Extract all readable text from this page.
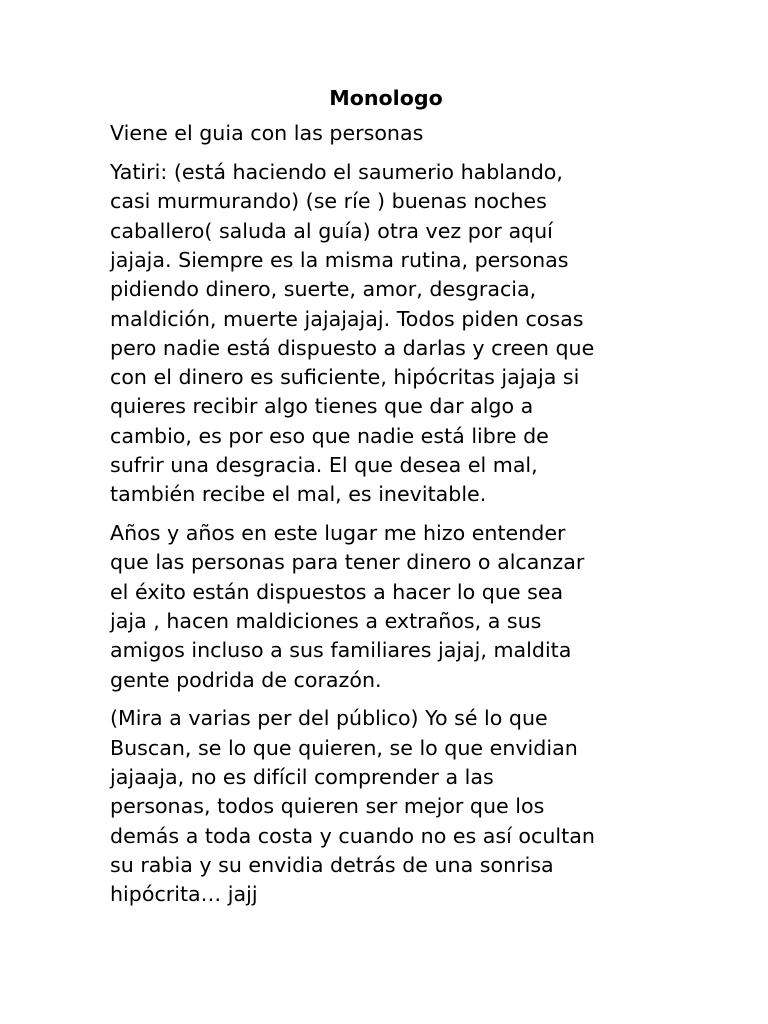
Monologo

Viene el guia con las personas

Yatiri: (está haciendo el saumerio hablando,
casi murmurando) (se ríe ) buenas noches
caballero( saluda al guía) otra vez por aquí
jajaja. Siempre es la misma rutina, personas
pidiendo dinero, suerte, amor, desgracia,
maldición, muerte jajajajaj. Todos piden cosas
pero nadie está dispuesto a darlas y creen que
con el dinero es suficiente, hipócritas jajaja si
quieres recibir algo tienes que dar algo a
cambio, es por eso que nadie está libre de
sufrir una desgracia. El que desea el mal,
también recibe el mal, es inevitable.

Años y años en este lugar me hizo entender
que las personas para tener dinero o alcanzar
el éxito están dispuestos a hacer lo que sea
jaja , hacen maldiciones a extraños, a sus
amigos incluso a sus familiares jajaj, maldita
gente podrida de corazón.

(Mira a varias per del público) Yo sé lo que
Buscan, se lo que quieren, se lo que envidian
jajaaja, no es difícil comprender a las
personas, todos quieren ser mejor que los
demás a toda costa y cuando no es así ocultan
su rabia y su envidia detrás de una sonrisa
hipócrita… jajj
